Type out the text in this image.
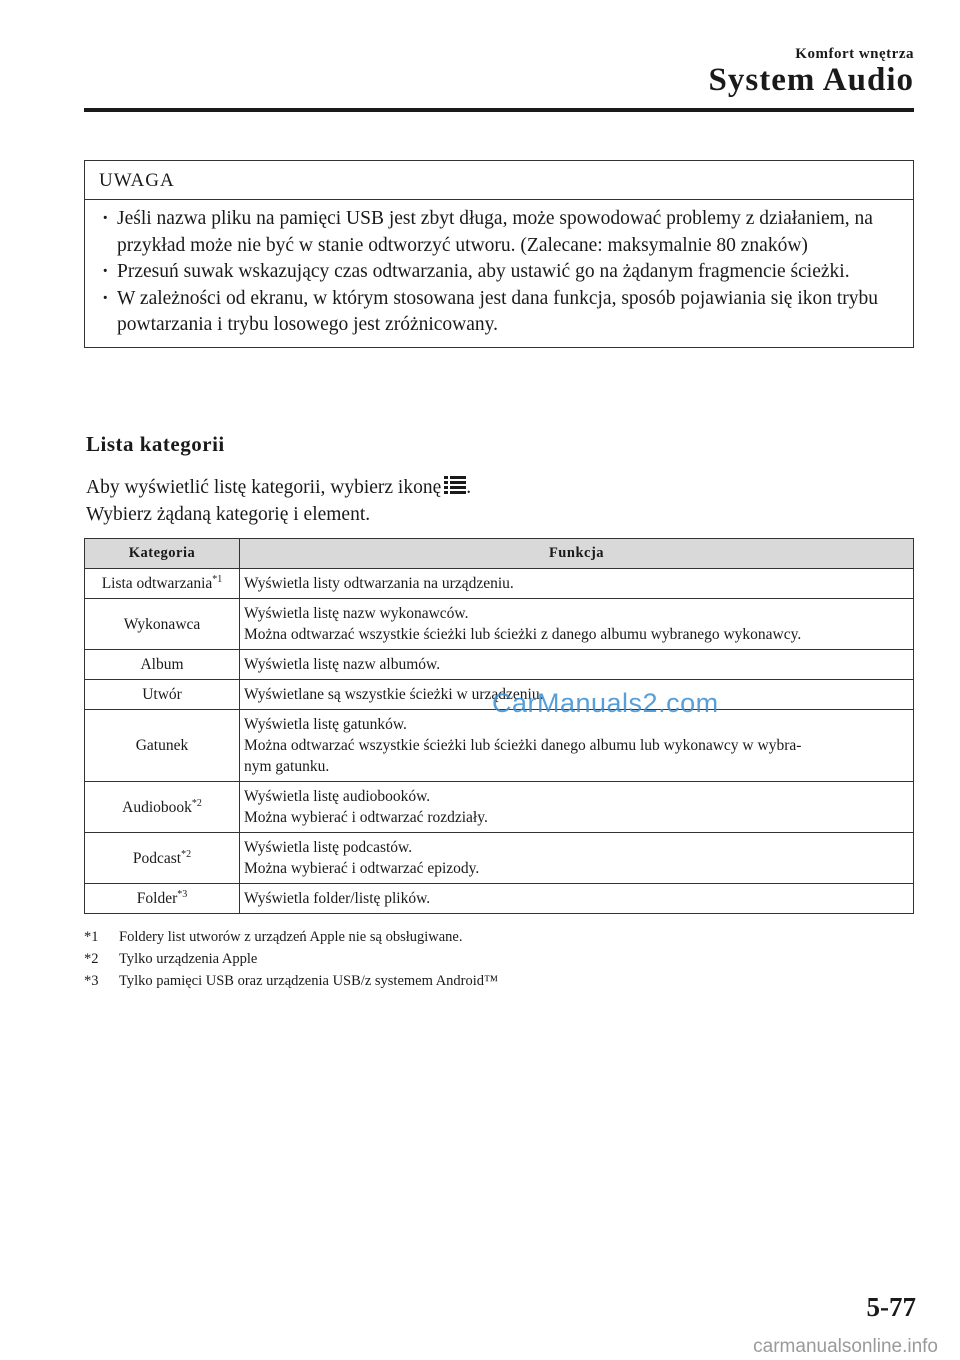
Komfort wnętrza
System Audio
UWAGA
· Jeśli nazwa pliku na pamięci USB jest zbyt długa, może spowodować problemy z działaniem, na przykład może nie być w stanie odtworzyć utworu. (Zalecane: maksymalnie 80 znaków)
· Przesuń suwak wskazujący czas odtwarzania, aby ustawić go na żądanym fragmencie ścieżki.
· W zależności od ekranu, w którym stosowana jest dana funkcja, sposób pojawiania się ikon trybu powtarzania i trybu losowego jest zróżnicowany.
Lista kategorii
Aby wyświetlić listę kategorii, wybierz ikonę .
Wybierz żądaną kategorię i element.
Kategoria	Funkcja
Lista odtwarzania$^{*1}$	Wyświetla listy odtwarzania na urządzeniu.

Wykonawca	Wyświetla listę nazw wykonawców.
Można odtwarzać wszystkie ścieżki lub ścieżki z danego albumu wybranego wykonawcy.

Album	Wyświetla listę nazw albumów.

Utwór	Wyświetlane są wszystkie ścieżki w urządzeniu.

Gatunek	Wyświetla listę gatunków.
Można odtwarzać wszystkie ścieżki lub ścieżki danego albumu lub wykonawcy w wybra-
nym gatunku.

Audiobook$^{*2}$	Wyświetla listę audiobooków.
Można wybierać i odtwarzać rozdziały.

Podcast$^{*2}$	Wyświetla listę podcastów.
Można wybierać i odtwarzać epizody.

Folder$^{*3}$	Wyświetla folder/listę plików.
*1 Foldery list utworów z urządzeń Apple nie są obsługiwane.
*2 Tylko urządzenia Apple
*3 Tylko pamięci USB oraz urządzenia USB/z systemem Android™
CarManuals2.com
5-77
carmanualsonline.info
